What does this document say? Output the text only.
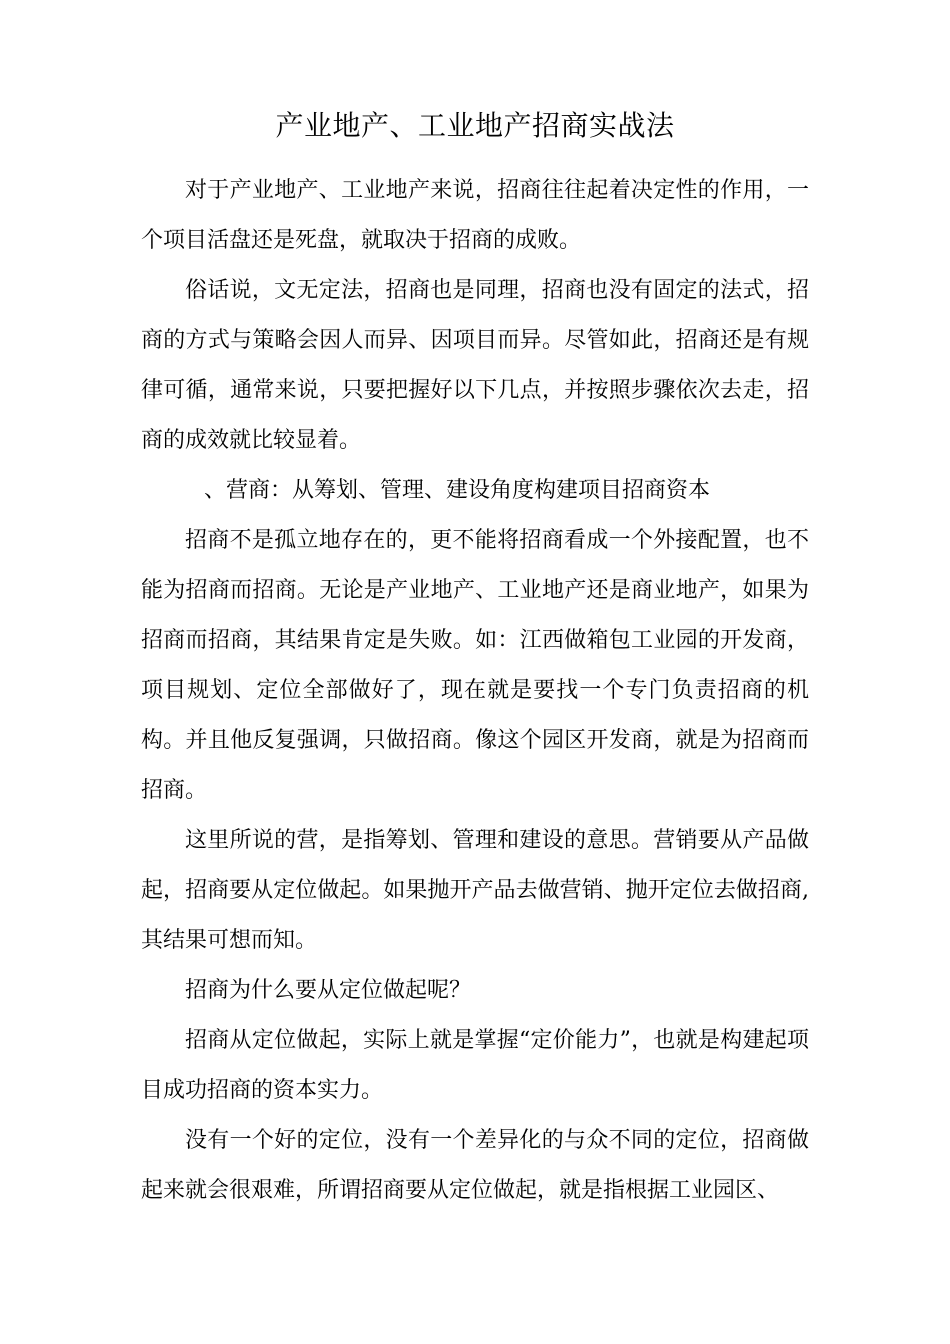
产业地产、工业地产招商实战法

对于产业地产、工业地产来说，招商往往起着决定性的作用，一个项目活盘还是死盘，就取决于招商的成败。

俗话说，文无定法，招商也是同理，招商也没有固定的法式，招商的方式与策略会因人而异、因项目而异。尽管如此，招商还是有规律可循，通常来说，只要把握好以下几点，并按照步骤依次去走，招商的成效就比较显着。

、营商：从筹划、管理、建设角度构建项目招商资本

招商不是孤立地存在的，更不能将招商看成一个外接配置，也不能为招商而招商。无论是产业地产、工业地产还是商业地产，如果为招商而招商，其结果肯定是失败。如：江西做箱包工业园的开发商，项目规划、定位全部做好了，现在就是要找一个专门负责招商的机构。并且他反复强调，只做招商。像这个园区开发商，就是为招商而招商。

这里所说的营，是指筹划、管理和建设的意思。营销要从产品做起，招商要从定位做起。如果抛开产品去做营销、抛开定位去做招商,其结果可想而知。

招商为什么要从定位做起呢？

招商从定位做起，实际上就是掌握“定价能力”，也就是构建起项目成功招商的资本实力。

没有一个好的定位，没有一个差异化的与众不同的定位，招商做起来就会很艰难，所谓招商要从定位做起，就是指根据工业园区、
